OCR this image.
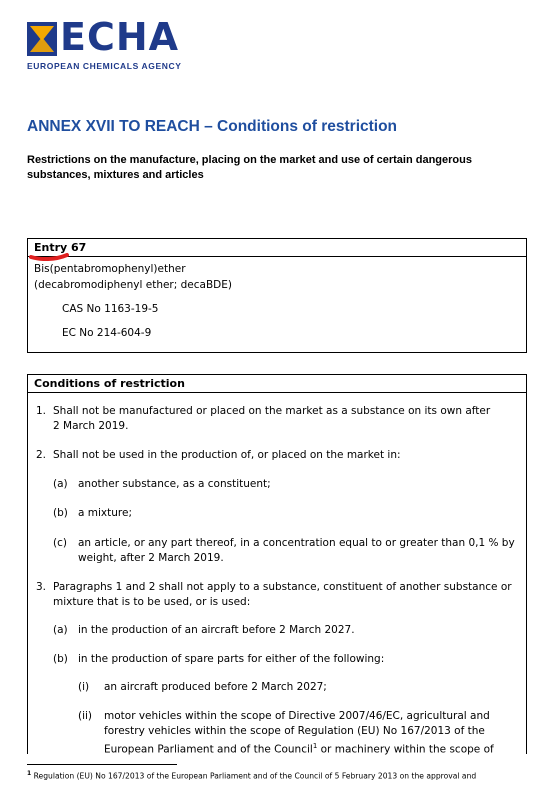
ECHA
EUROPEAN CHEMICALS AGENCY
ANNEX XVII TO REACH – Conditions of restriction
Restrictions on the manufacture, placing on the market and use of certain dangerous substances, mixtures and articles
Entry 67
Bis(pentabromophenyl)ether
(decabromodiphenyl ether; decaBDE)
CAS No 1163-19-5
EC No 214-604-9
Conditions of restriction
1. Shall not be manufactured or placed on the market as a substance on its own after
2 March 2019.
2. Shall not be used in the production of, or placed on the market in:
(a) another substance, as a constituent;
(b) a mixture;
(c) an article, or any part thereof, in a concentration equal to or greater than 0,1 % by
weight, after 2 March 2019.
3. Paragraphs 1 and 2 shall not apply to a substance, constituent of another substance or
mixture that is to be used, or is used:
(a) in the production of an aircraft before 2 March 2027.
(b) in the production of spare parts for either of the following:
(i) an aircraft produced before 2 March 2027;
(ii) motor vehicles within the scope of Directive 2007/46/EC, agricultural and
forestry vehicles within the scope of Regulation (EU) No 167/2013 of the
European Parliament and of the Council$^1$ or machinery within the scope of
$^1$ Regulation (EU) No 167/2013 of the European Parliament and of the Council of 5 February 2013 on the approval and
